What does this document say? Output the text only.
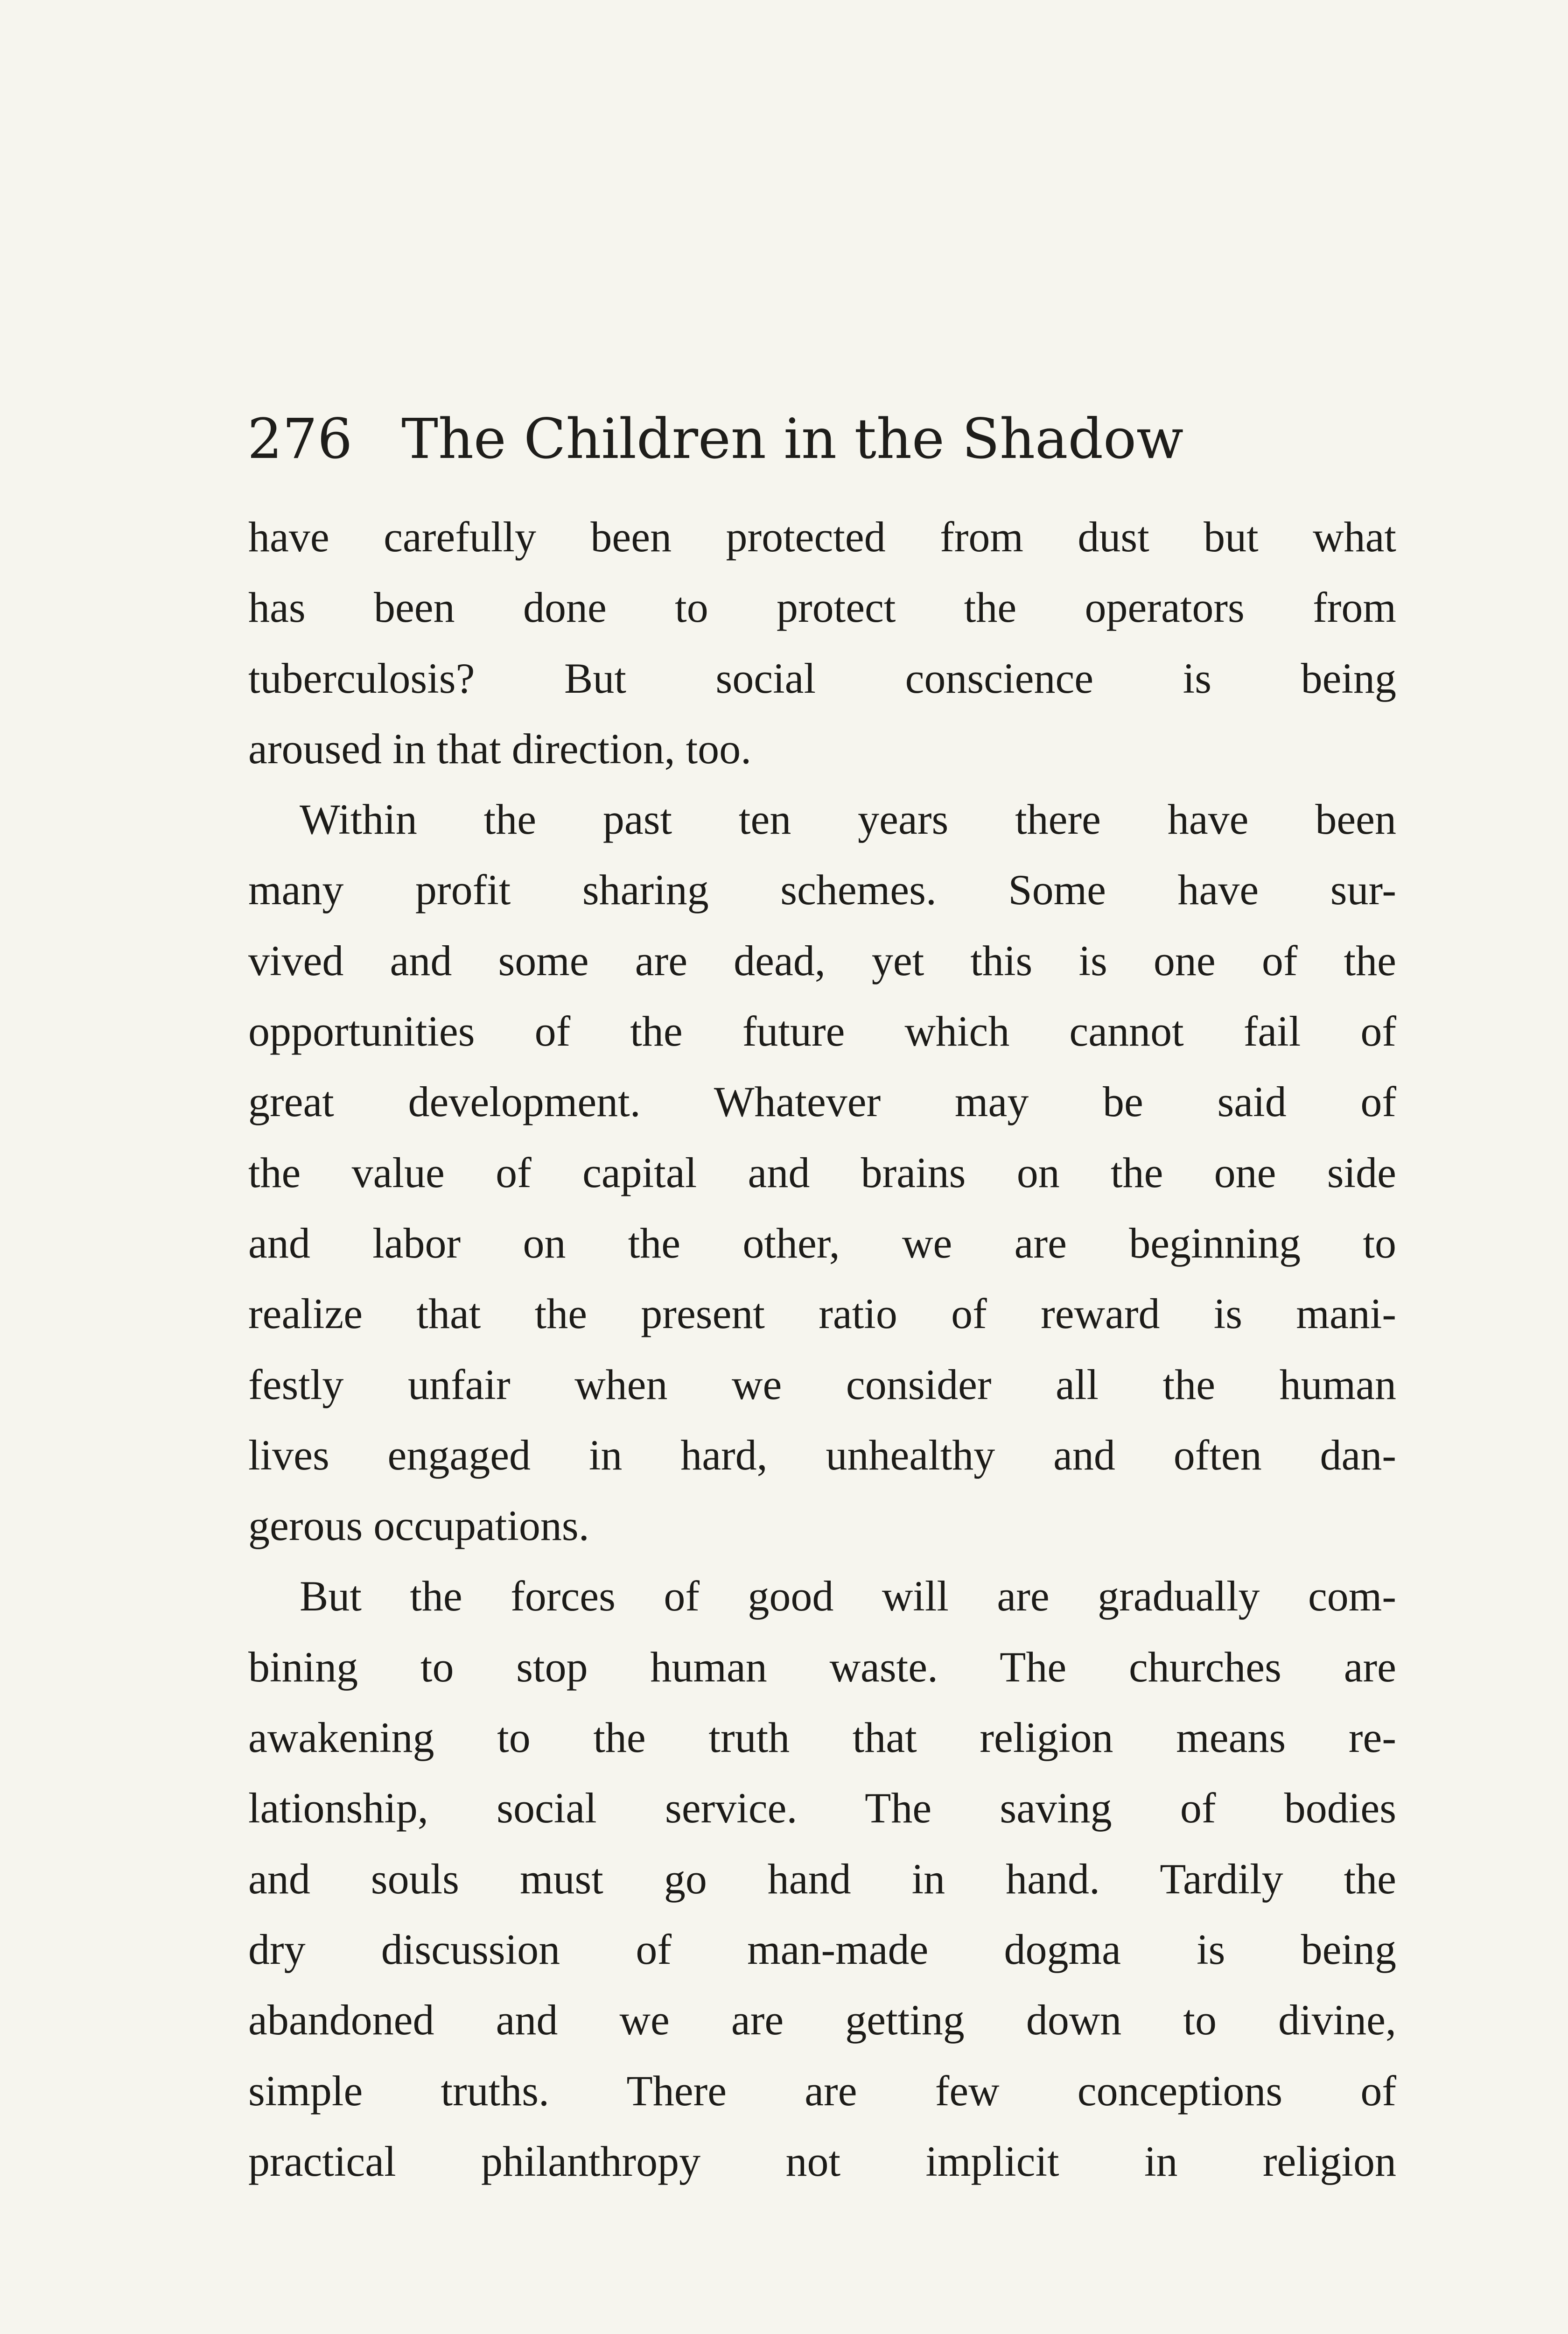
276 The Children in the Shadow
have carefully been protected from dust but what
has been done to protect the operators from
tuberculosis? But social conscience is being
aroused in that direction, too.
Within the past ten years there have been
many profit sharing schemes. Some have sur-
vived and some are dead, yet this is one of the
opportunities of the future which cannot fail of
great development. Whatever may be said of
the value of capital and brains on the one side
and labor on the other, we are beginning to
realize that the present ratio of reward is mani-
festly unfair when we consider all the human
lives engaged in hard, unhealthy and often dan-
gerous occupations.
But the forces of good will are gradually com-
bining to stop human waste. The churches are
awakening to the truth that religion means re-
lationship, social service. The saving of bodies
and souls must go hand in hand. Tardily the
dry discussion of man-made dogma is being
abandoned and we are getting down to divine,
simple truths. There are few conceptions of
practical philanthropy not implicit in religion
